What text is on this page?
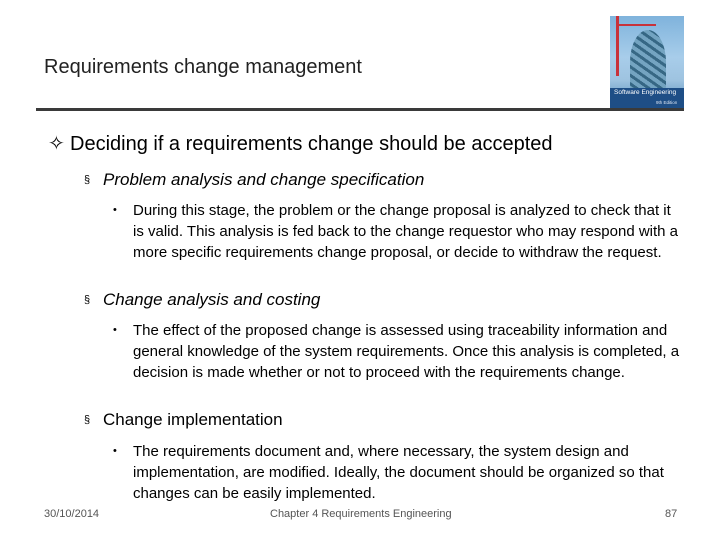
Requirements change management
Software Engineering
9th Edition
✧ Deciding if a requirements change should be accepted
§ Problem analysis and change specification
• During this stage, the problem or the change proposal is analyzed to check that it is valid. This analysis is fed back to the change requestor who may respond with a more specific requirements change proposal, or decide to withdraw the request.
§ Change analysis and costing
• The effect of the proposed change is assessed using traceability information and general knowledge of the system requirements. Once this analysis is completed, a decision is made whether or not to proceed with the requirements change.
§ Change implementation
• The requirements document and, where necessary, the system design and implementation, are modified. Ideally, the document should be organized so that changes can be easily implemented.
30/10/2014	Chapter 4 Requirements Engineering	87
